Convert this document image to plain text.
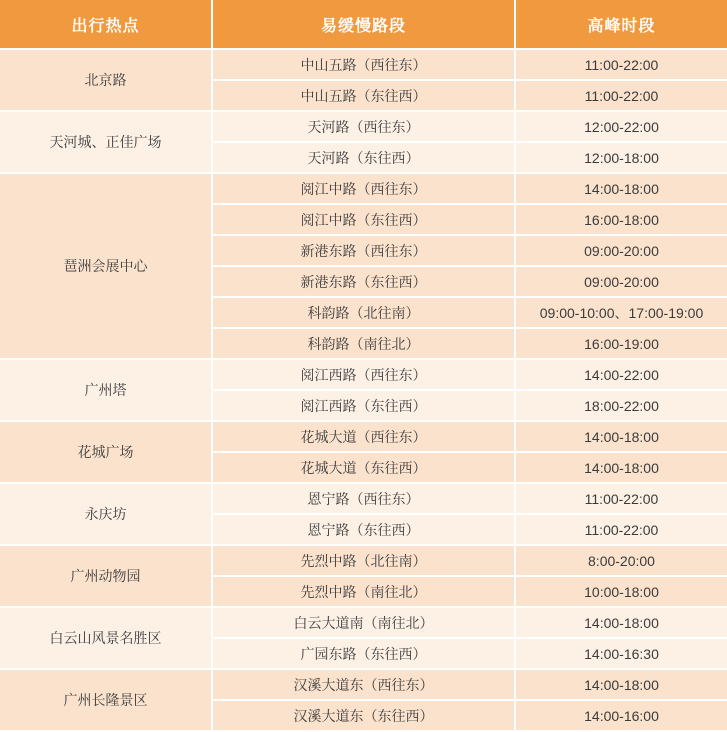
出行热点	易缓慢路段	高峰时段
北京路	中山五路（西往东）	11:00-22:00
	中山五路（东往西）	11:00-22:00
天河城、正佳广场	天河路（西往东）	12:00-22:00
	天河路（东往西）	12:00-18:00
琶洲会展中心	阅江中路（西往东）	14:00-18:00
	阅江中路（东往西）	16:00-18:00
	新港东路（西往东）	09:00-20:00
	新港东路（东往西）	09:00-20:00
	科韵路（北往南）	09:00-10:00、17:00-19:00
	科韵路（南往北）	16:00-19:00
广州塔	阅江西路（西往东）	14:00-22:00
	阅江西路（东往西）	18:00-22:00
花城广场	花城大道（西往东）	14:00-18:00
	花城大道（东往西）	14:00-18:00
永庆坊	恩宁路（西往东）	11:00-22:00
	恩宁路（东往西）	11:00-22:00
广州动物园	先烈中路（北往南）	8:00-20:00
	先烈中路（南往北）	10:00-18:00
白云山风景名胜区	白云大道南（南往北）	14:00-18:00
	广园东路（东往西）	14:00-16:30
广州长隆景区	汉溪大道东（西往东）	14:00-18:00
	汉溪大道东（东往西）	14:00-16:00
